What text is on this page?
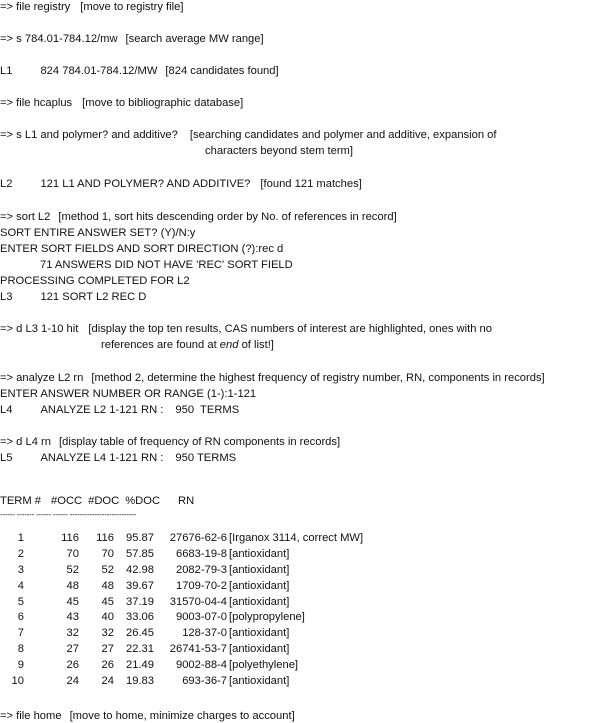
=> file registry [move to registry file]
=> s 784.01-784.12/mw [search average MW range]
L1	824 784.01-784.12/MW [824 candidates found]
=> file hcaplus [move to bibliographic database]
=> s L1 and polymer? and additive? [searching candidates and polymer and additive, expansion of
characters beyond stem term]
L2	121 L1 AND POLYMER? AND ADDITIVE? [found 121 matches]
=> sort L2 [method 1, sort hits descending order by No. of references in record]
SORT ENTIRE ANSWER SET? (Y)/N:y
ENTER SORT FIELDS AND SORT DIRECTION (?):rec d
71 ANSWERS DID NOT HAVE 'REC' SORT FIELD
PROCESSING COMPLETED FOR L2
L3	121 SORT L2 REC D
=> d L3 1-10 hit [display the top ten results, CAS numbers of interest are highlighted, ones with no
references are found at end of list!]
=> analyze L2 rn [method 2, determine the highest frequency of registry number, RN, components in records]
ENTER ANSWER NUMBER OR RANGE (1-):1-121
L4	ANALYZE L2 1-121 RN : 950  TERMS
=> d L4 rn [display table of frequency of RN components in records]
L5	ANALYZE L4 1-121 RN : 950 TERMS
TERM # #OCC #DOC %DOC RN
------ ------- ------ ------ ---------------------------
1	116	116	95.87	27676-62-6	[Irganox 3114, correct MW]
2	70	70	57.85	6683-19-8	[antioxidant]
3	52	52	42.98	2082-79-3	[antioxidant]
4	48	48	39.67	1709-70-2	[antioxidant]
5	45	45	37.19	31570-04-4	[antioxidant]
6	43	40	33.06	9003-07-0	[polypropylene]
7	32	32	26.45	128-37-0	[antioxidant]
8	27	27	22.31	26741-53-7	[antioxidant]
9	26	26	21.49	9002-88-4	[polyethylene]
10	24	24	19.83	693-36-7	[antioxidant]
=> file home [move to home, minimize charges to account]
